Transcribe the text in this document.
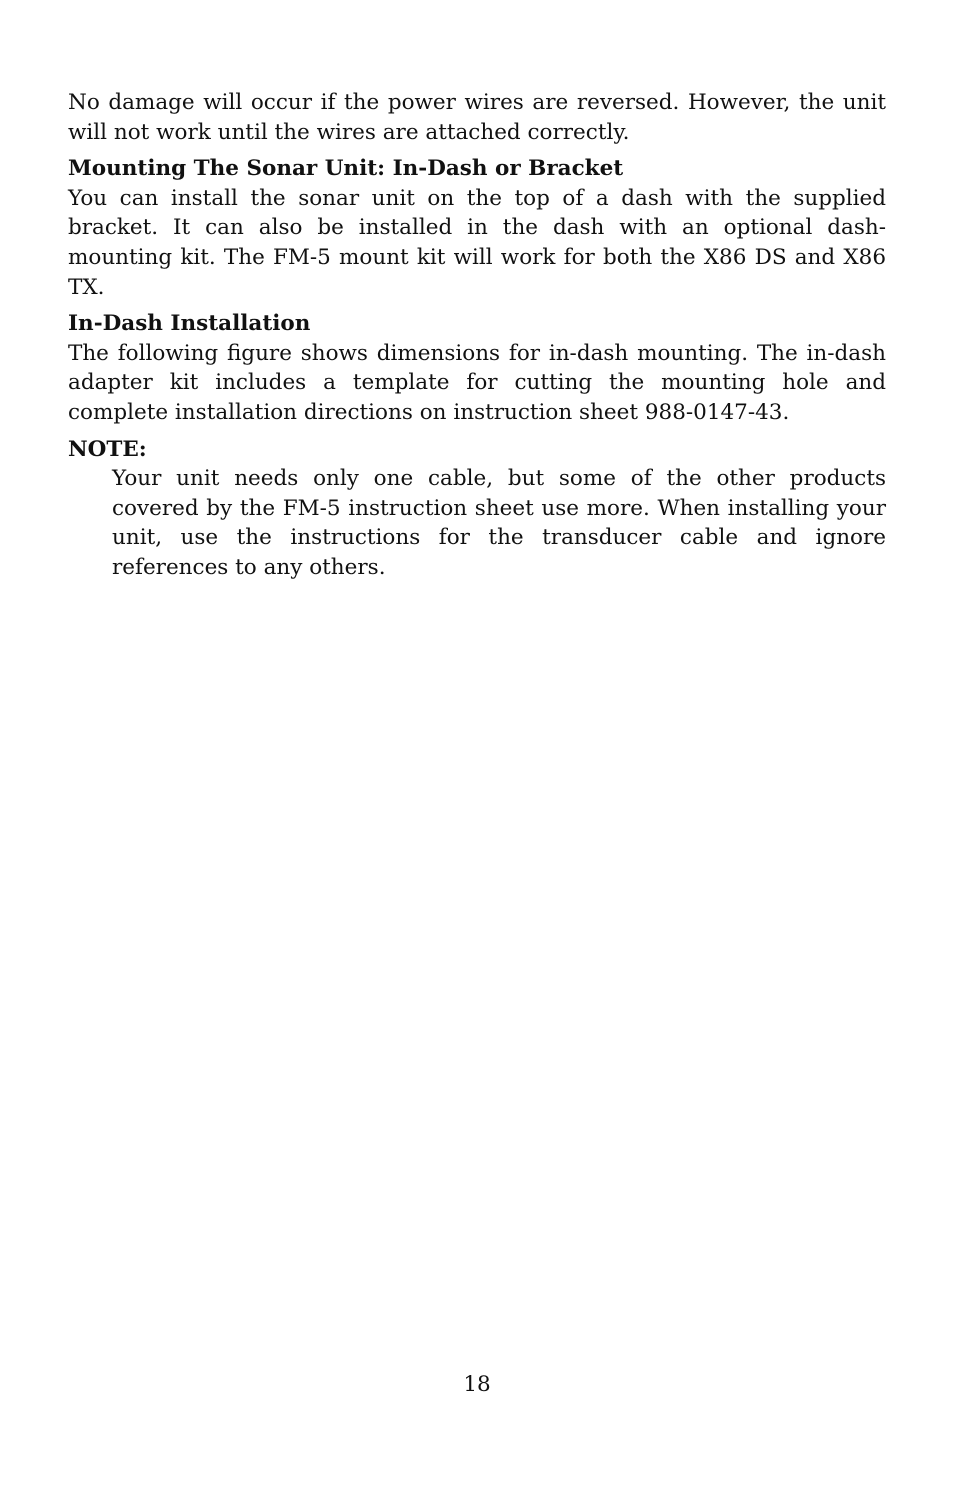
No damage will occur if the power wires are reversed. However, the unit will not work until the wires are attached correctly.

Mounting The Sonar Unit: In-Dash or Bracket

You can install the sonar unit on the top of a dash with the supplied bracket. It can also be installed in the dash with an optional dash-mounting kit. The FM-5 mount kit will work for both the X86 DS and X86 TX.

In-Dash Installation

The following figure shows dimensions for in-dash mounting. The in-dash adapter kit includes a template for cutting the mounting hole and complete installation directions on instruction sheet 988-0147-43.

NOTE:

Your unit needs only one cable, but some of the other products covered by the FM-5 instruction sheet use more. When installing your unit, use the instructions for the transducer cable and ignore references to any others.

18
